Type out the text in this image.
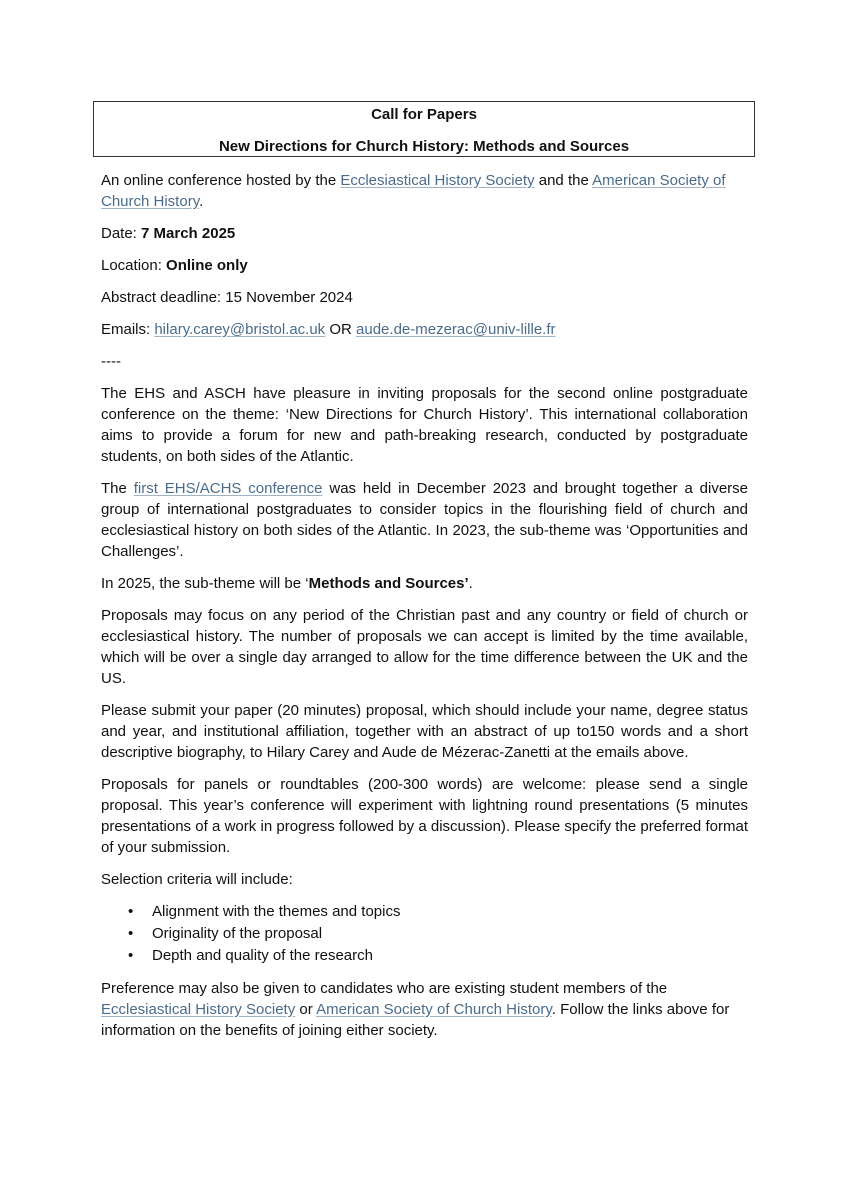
Call for Papers
New Directions for Church History: Methods and Sources

An online conference hosted by the Ecclesiastical History Society and the American Society of Church History.

Date: 7 March 2025

Location: Online only

Abstract deadline: 15 November 2024

Emails: hilary.carey@bristol.ac.uk OR aude.de-mezerac@univ-lille.fr

----

The EHS and ASCH have pleasure in inviting proposals for the second online postgraduate conference on the theme: ‘New Directions for Church History’. This international collaboration aims to provide a forum for new and path-breaking research, conducted by postgraduate students, on both sides of the Atlantic.

The first EHS/ACHS conference was held in December 2023 and brought together a diverse group of international postgraduates to consider topics in the flourishing field of church and ecclesiastical history on both sides of the Atlantic. In 2023, the sub-theme was ‘Opportunities and Challenges’.

In 2025, the sub-theme will be ‘Methods and Sources’.

Proposals may focus on any period of the Christian past and any country or field of church or ecclesiastical history. The number of proposals we can accept is limited by the time available, which will be over a single day arranged to allow for the time difference between the UK and the US.

Please submit your paper (20 minutes) proposal, which should include your name, degree status and year, and institutional affiliation, together with an abstract of up to150 words and a short descriptive biography, to Hilary Carey and Aude de Mézerac-Zanetti at the emails above.

Proposals for panels or roundtables (200-300 words) are welcome: please send a single proposal. This year’s conference will experiment with lightning round presentations (5 minutes presentations of a work in progress followed by a discussion). Please specify the preferred format of your submission.

Selection criteria will include:

• Alignment with the themes and topics
• Originality of the proposal
• Depth and quality of the research

Preference may also be given to candidates who are existing student members of the Ecclesiastical History Society or American Society of Church History. Follow the links above for information on the benefits of joining either society.
